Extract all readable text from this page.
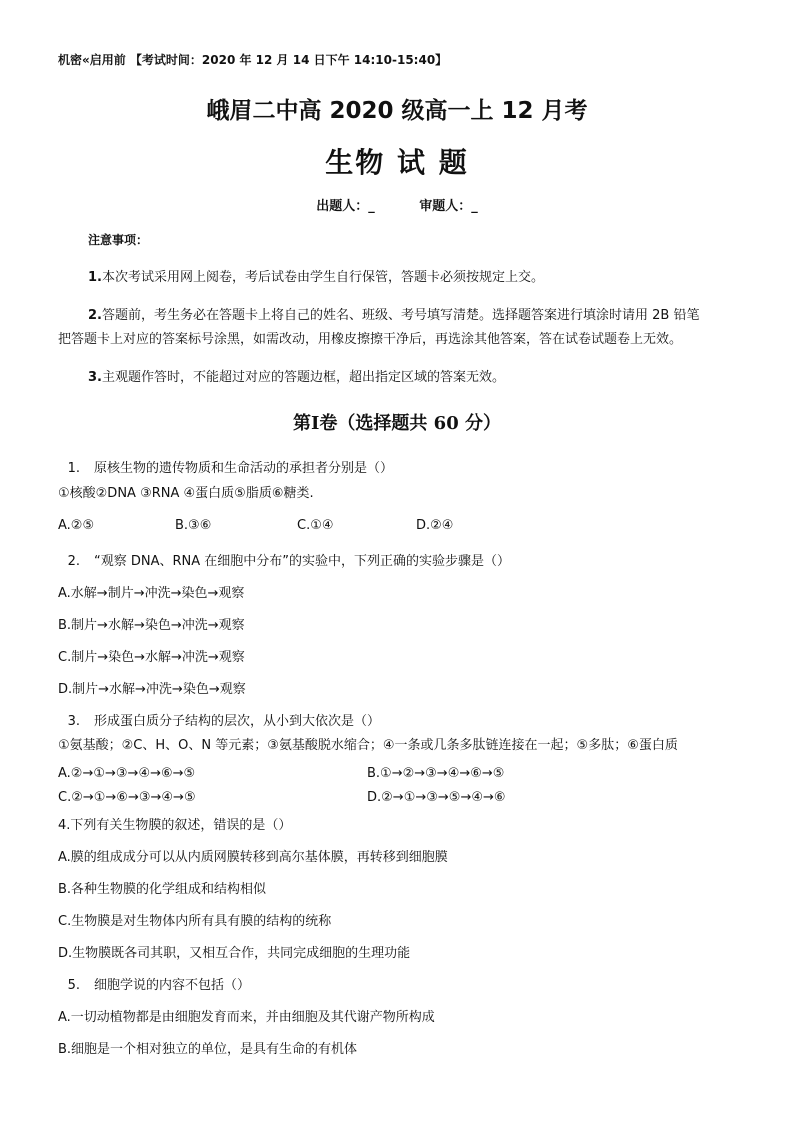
机密«启用前 【考试时间：2020 年 12 月 14 日下午 14:10-15:40】
峨眉二中高 2020 级高一上 12 月考
生物 试 题
出题人：_	审题人：_
注意事项：
1.本次考试采用网上阅卷，考后试卷由学生自行保管，答题卡必须按规定上交。
2.答题前，考生务必在答题卡上将自己的姓名、班级、考号填写清楚。选择题答案进行填涂时请用 2B 铅笔
把答题卡上对应的答案标号涂黑，如需改动，用橡皮擦擦干净后，再选涂其他答案，答在试卷试题卷上无效。
3.主观题作答时，不能超过对应的答题边框，超出指定区域的答案无效。
第Ⅰ卷（选择题共 60 分）
1. 原核生物的遗传物质和生命活动的承担者分别是（）
①核酸②DNA ③RNA ④蛋白质⑤脂质⑥糖类.
A.②⑤	B.③⑥	C.①④	D.②④
2. “观察 DNA、RNA 在细胞中分布”的实验中，下列正确的实验步骤是（）
A.水解→制片→冲洗→染色→观察
B.制片→水解→染色→冲洗→观察
C.制片→染色→水解→冲洗→观察
D.制片→水解→冲洗→染色→观察
3. 形成蛋白质分子结构的层次，从小到大依次是（）
①氨基酸；②C、H、O、N 等元素；③氨基酸脱水缩合；④一条或几条多肽链连接在一起；⑤多肽；⑥蛋白质
A.②→①→③→④→⑥→⑤	B.①→②→③→④→⑥→⑤
C.②→①→⑥→③→④→⑤	D.②→①→③→⑤→④→⑥
4.下列有关生物膜的叙述，错误的是（）
A.膜的组成成分可以从内质网膜转移到高尔基体膜，再转移到细胞膜
B.各种生物膜的化学组成和结构相似
C.生物膜是对生物体内所有具有膜的结构的统称
D.生物膜既各司其职，又相互合作，共同完成细胞的生理功能
5. 细胞学说的内容不包括（）
A.一切动植物都是由细胞发育而来，并由细胞及其代谢产物所构成
B.细胞是一个相对独立的单位，是具有生命的有机体
